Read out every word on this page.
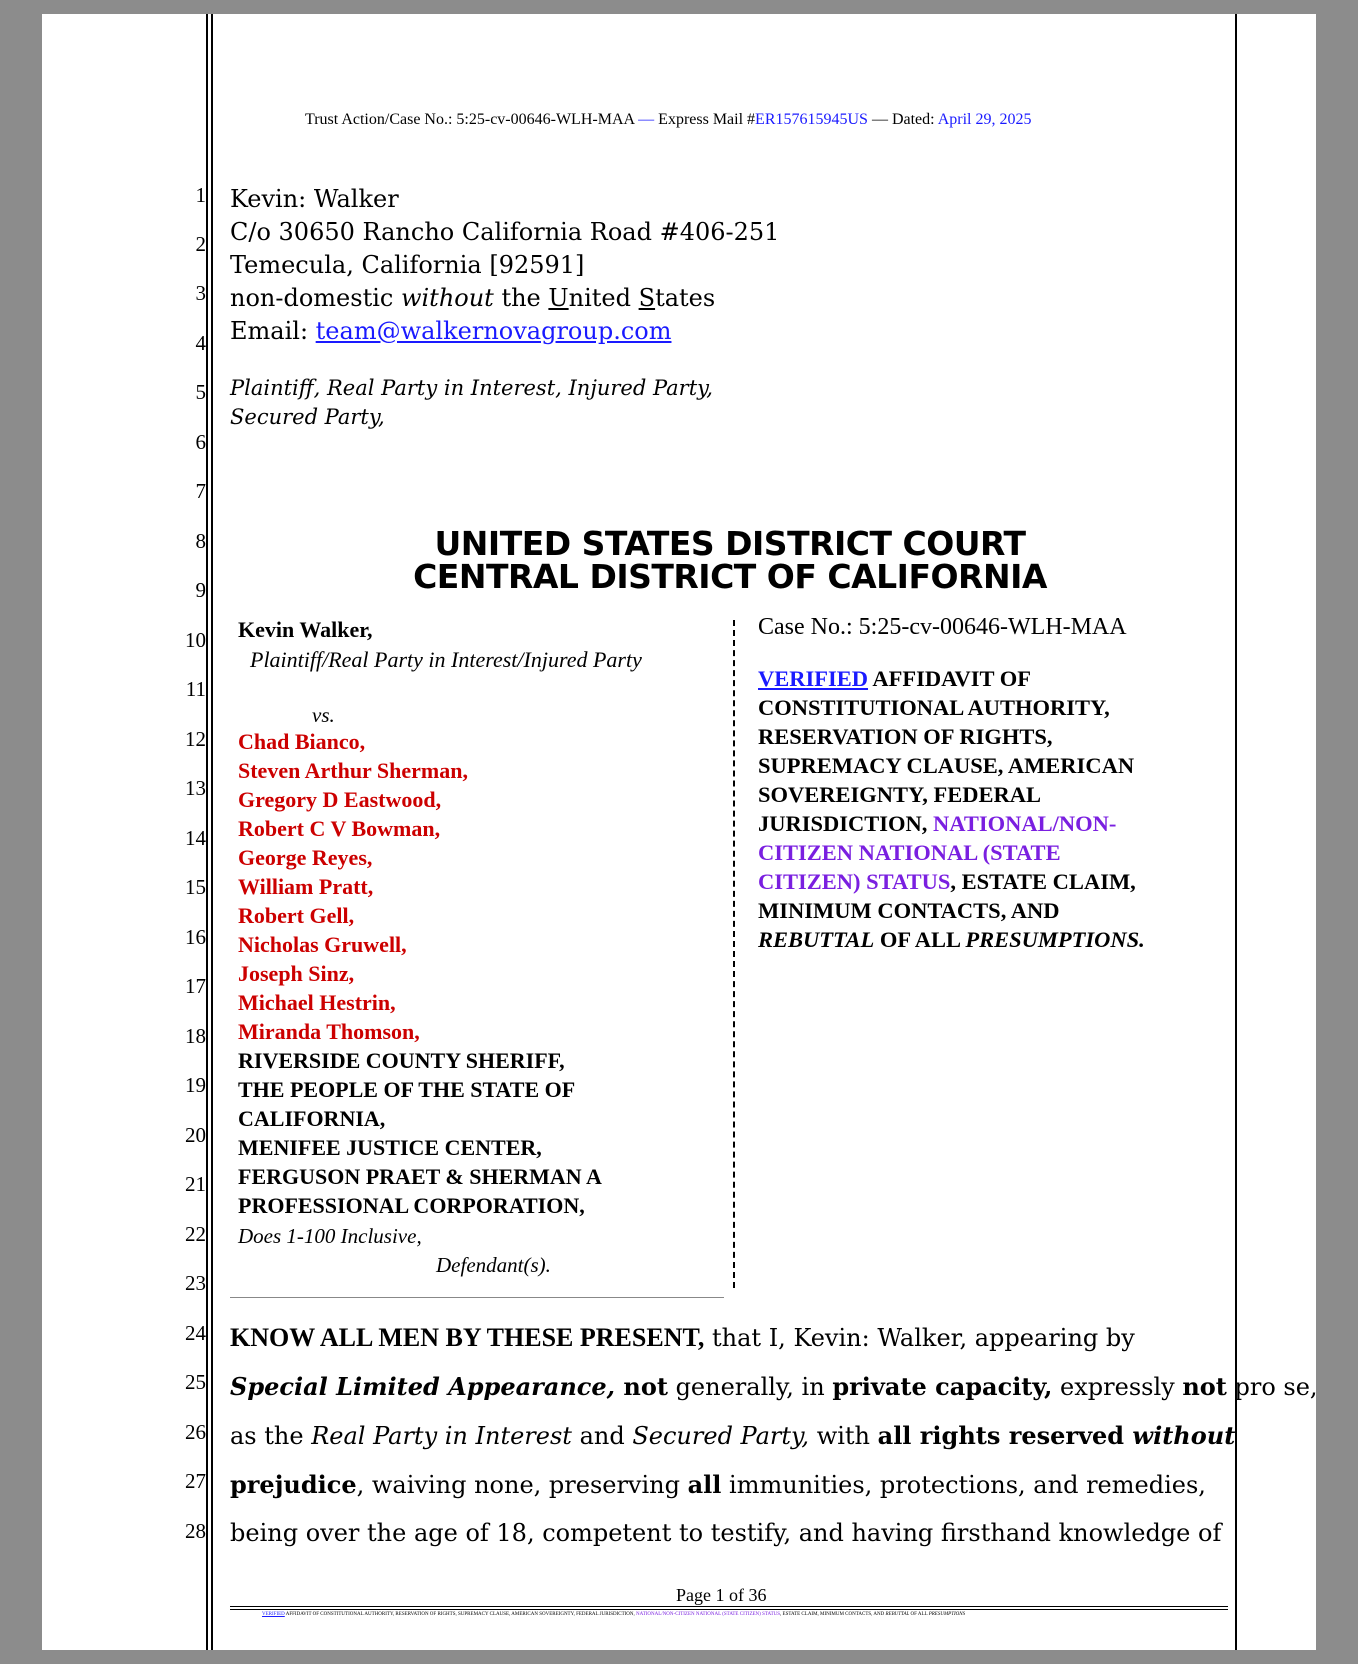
Trust Action/Case No.: 5:25-cv-00646-WLH-MAA — Express Mail #ER157615945US — Dated: April 29, 2025
1
2
3
4
5
6
7
8
9
10
11
12
13
14
15
16
17
18
19
20
21
22
23
24
25
26
27
28
Kevin: Walker
C/o 30650 Rancho California Road #406-251
Temecula, California [92591]
non-domestic without the United States
Email: team@walkernovagroup.com
Plaintiff, Real Party in Interest, Injured Party,
Secured Party,
UNITED STATES DISTRICT COURT
CENTRAL DISTRICT OF CALIFORNIA
Kevin Walker,
Plaintiff/Real Party in Interest/Injured Party
vs.
Chad Bianco,
Steven Arthur Sherman,
Gregory D Eastwood,
Robert C V Bowman,
George Reyes,
William Pratt,
Robert Gell,
Nicholas Gruwell,
Joseph Sinz,
Michael Hestrin,
Miranda Thomson,
RIVERSIDE COUNTY SHERIFF,
THE PEOPLE OF THE STATE OF
CALIFORNIA,
MENIFEE JUSTICE CENTER,
FERGUSON PRAET & SHERMAN A
PROFESSIONAL CORPORATION,
Does 1-100 Inclusive,
Defendant(s).
Case No.: 5:25-cv-00646-WLH-MAA
VERIFIED AFFIDAVIT OF
CONSTITUTIONAL AUTHORITY,
RESERVATION OF RIGHTS,
SUPREMACY CLAUSE, AMERICAN
SOVEREIGNTY, FEDERAL
JURISDICTION, NATIONAL/NON-
CITIZEN NATIONAL (STATE
CITIZEN) STATUS, ESTATE CLAIM,
MINIMUM CONTACTS, AND
REBUTTAL OF ALL PRESUMPTIONS.
KNOW ALL MEN BY THESE PRESENT, that I, Kevin: Walker, appearing by
Special Limited Appearance, not generally, in private capacity, expressly not pro se,
as the Real Party in Interest and Secured Party, with all rights reserved without
prejudice, waiving none, preserving all immunities, protections, and remedies,
being over the age of 18, competent to testify, and having firsthand knowledge of
Page 1 of 36
VERIFIED AFFIDAVIT OF CONSTITUTIONAL AUTHORITY, RESERVATION OF RIGHTS, SUPREMACY CLAUSE, AMERICAN SOVEREIGNTY, FEDERAL JURISDICTION, NATIONAL/NON-CITIZEN NATIONAL (STATE CITIZEN) STATUS, ESTATE CLAIM, MINIMUM CONTACTS, AND REBUTTAL OF ALL PRESUMPTIONS
